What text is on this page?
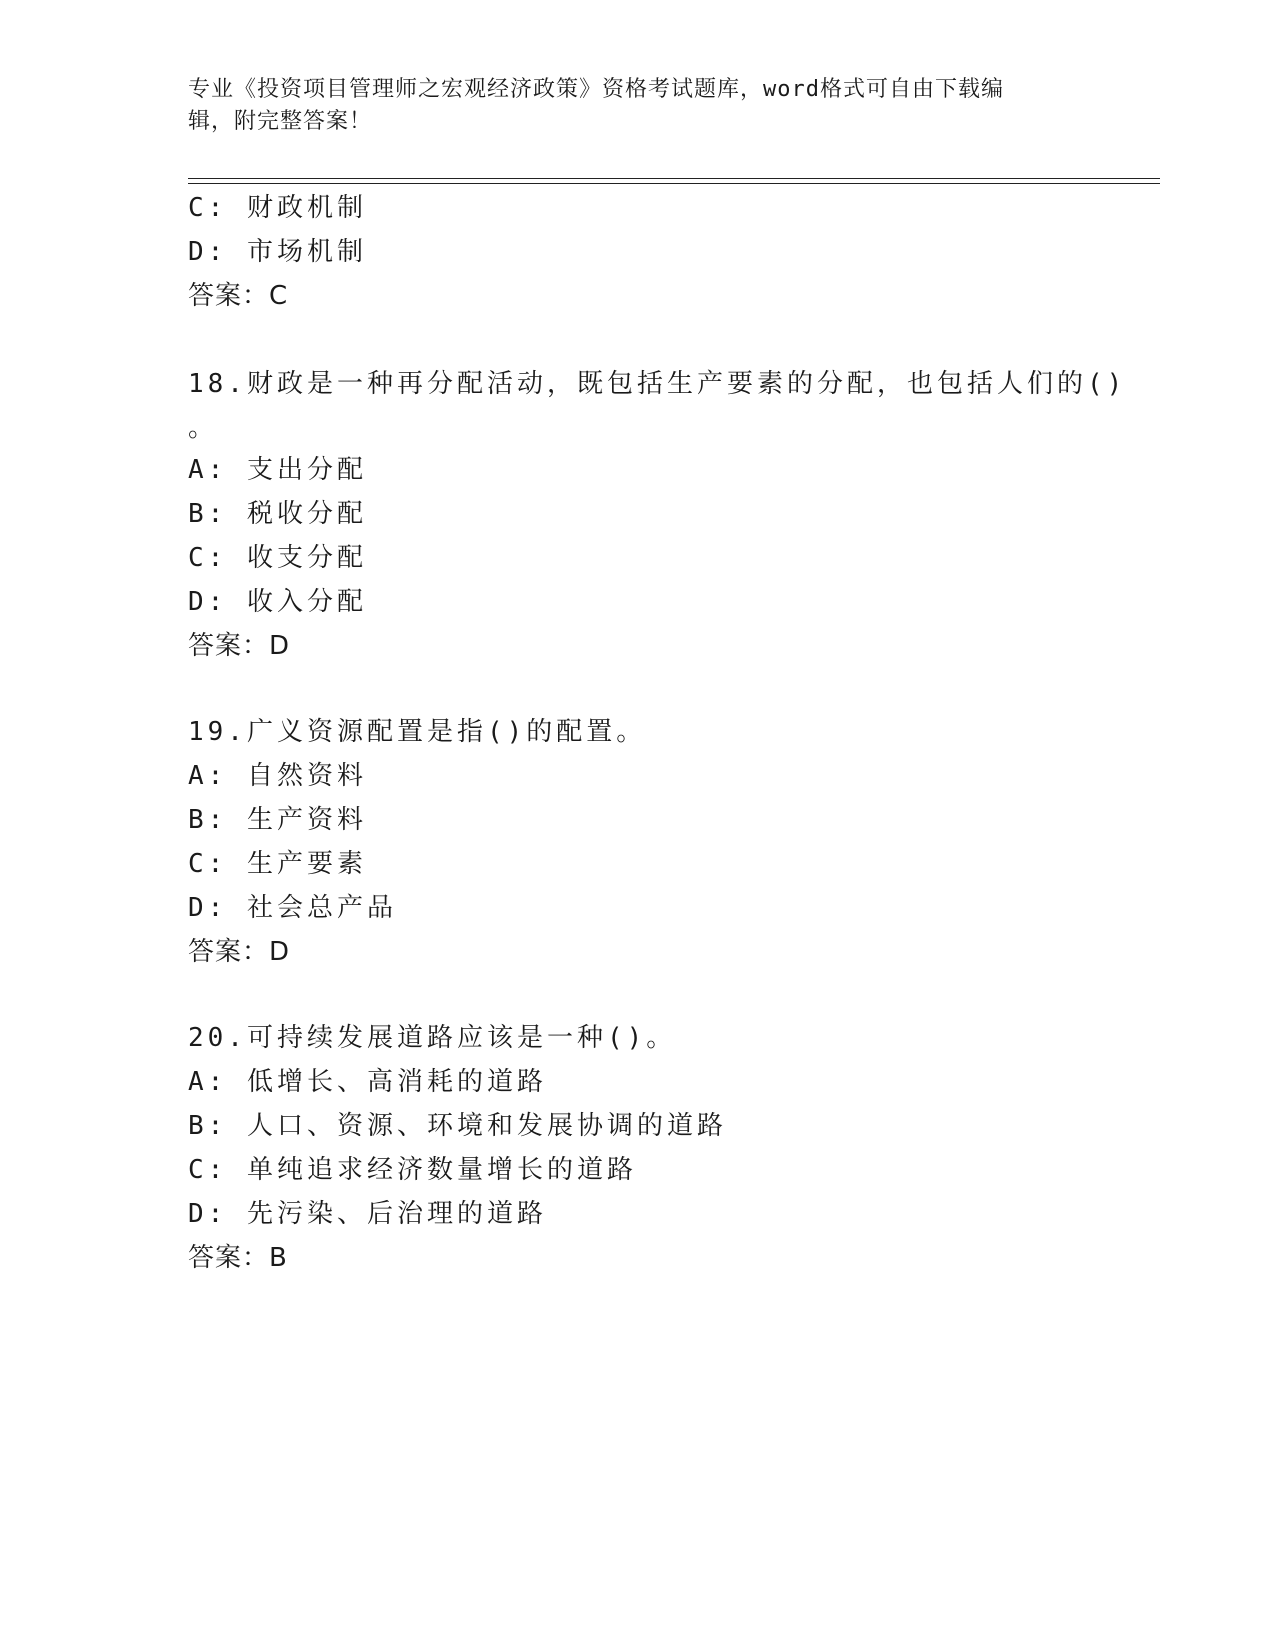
专业《投资项目管理师之宏观经济政策》资格考试题库，word格式可自由下载编
辑，附完整答案！
C: 财政机制
D: 市场机制
答案：C
18.财政是一种再分配活动，既包括生产要素的分配，也包括人们的()
。
A: 支出分配
B: 税收分配
C: 收支分配
D: 收入分配
答案：D
19.广义资源配置是指()的配置。
A: 自然资料
B: 生产资料
C: 生产要素
D: 社会总产品
答案：D
20.可持续发展道路应该是一种()。
A: 低增长、高消耗的道路
B: 人口、资源、环境和发展协调的道路
C: 单纯追求经济数量增长的道路
D: 先污染、后治理的道路
答案：B
